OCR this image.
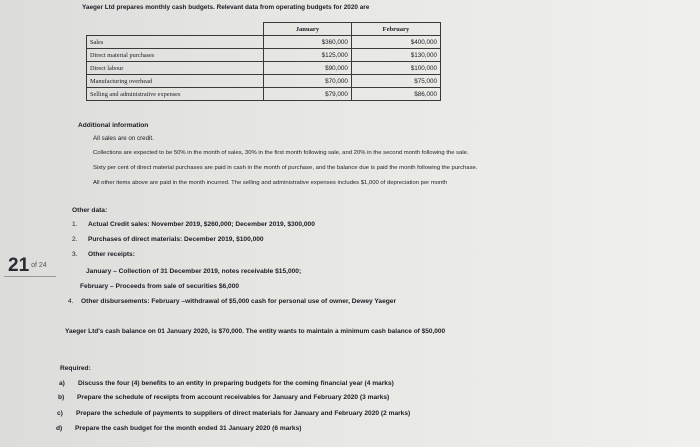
Yaeger Ltd prepares monthly cash budgets. Relevant data from operating budgets for 2020 are
	January	February
Sales	$360,000	$400,000
Direct material purchases	$125,000	$130,000
Direct labour	$90,000	$100,000
Manufacturing overhead	$70,000	$75,000
Selling and administrative expenses	$79,000	$86,000
Additional information
All sales are on credit.
Collections are expected to be 50% in the month of sales, 30% in the first month following sale, and 20% in the second month following the sale.
Sixty per cent of direct material purchases are paid in cash in the month of purchase, and the balance due is paid the month following the purchase.
All other items above are paid in the month incurred. The selling and administrative expenses includes $1,000 of depreciation per month
Other data:
1. Actual Credit sales: November 2019, $260,000; December 2019, $300,000
2. Purchases of direct materials: December 2019, $100,000
3. Other receipts:
January – Collection of 31 December 2019, notes receivable $15,000;
February – Proceeds from sale of securities $6,000
4. Other disbursements: February –withdrawal of $5,000 cash for personal use of owner, Dewey Yaeger
Yaeger Ltd's cash balance on 01 January 2020, is $70,000. The entity wants to maintain a minimum cash balance of $50,000
Required:
a) Discuss the four (4) benefits to an entity in preparing budgets for the coming financial year (4 marks)
b) Prepare the schedule of receipts from account receivables for January and February 2020 (3 marks)
c) Prepare the schedule of payments to suppliers of direct materials for January and February 2020 (2 marks)
d) Prepare the cash budget for the month ended 31 January 2020 (6 marks)
21 of 24
